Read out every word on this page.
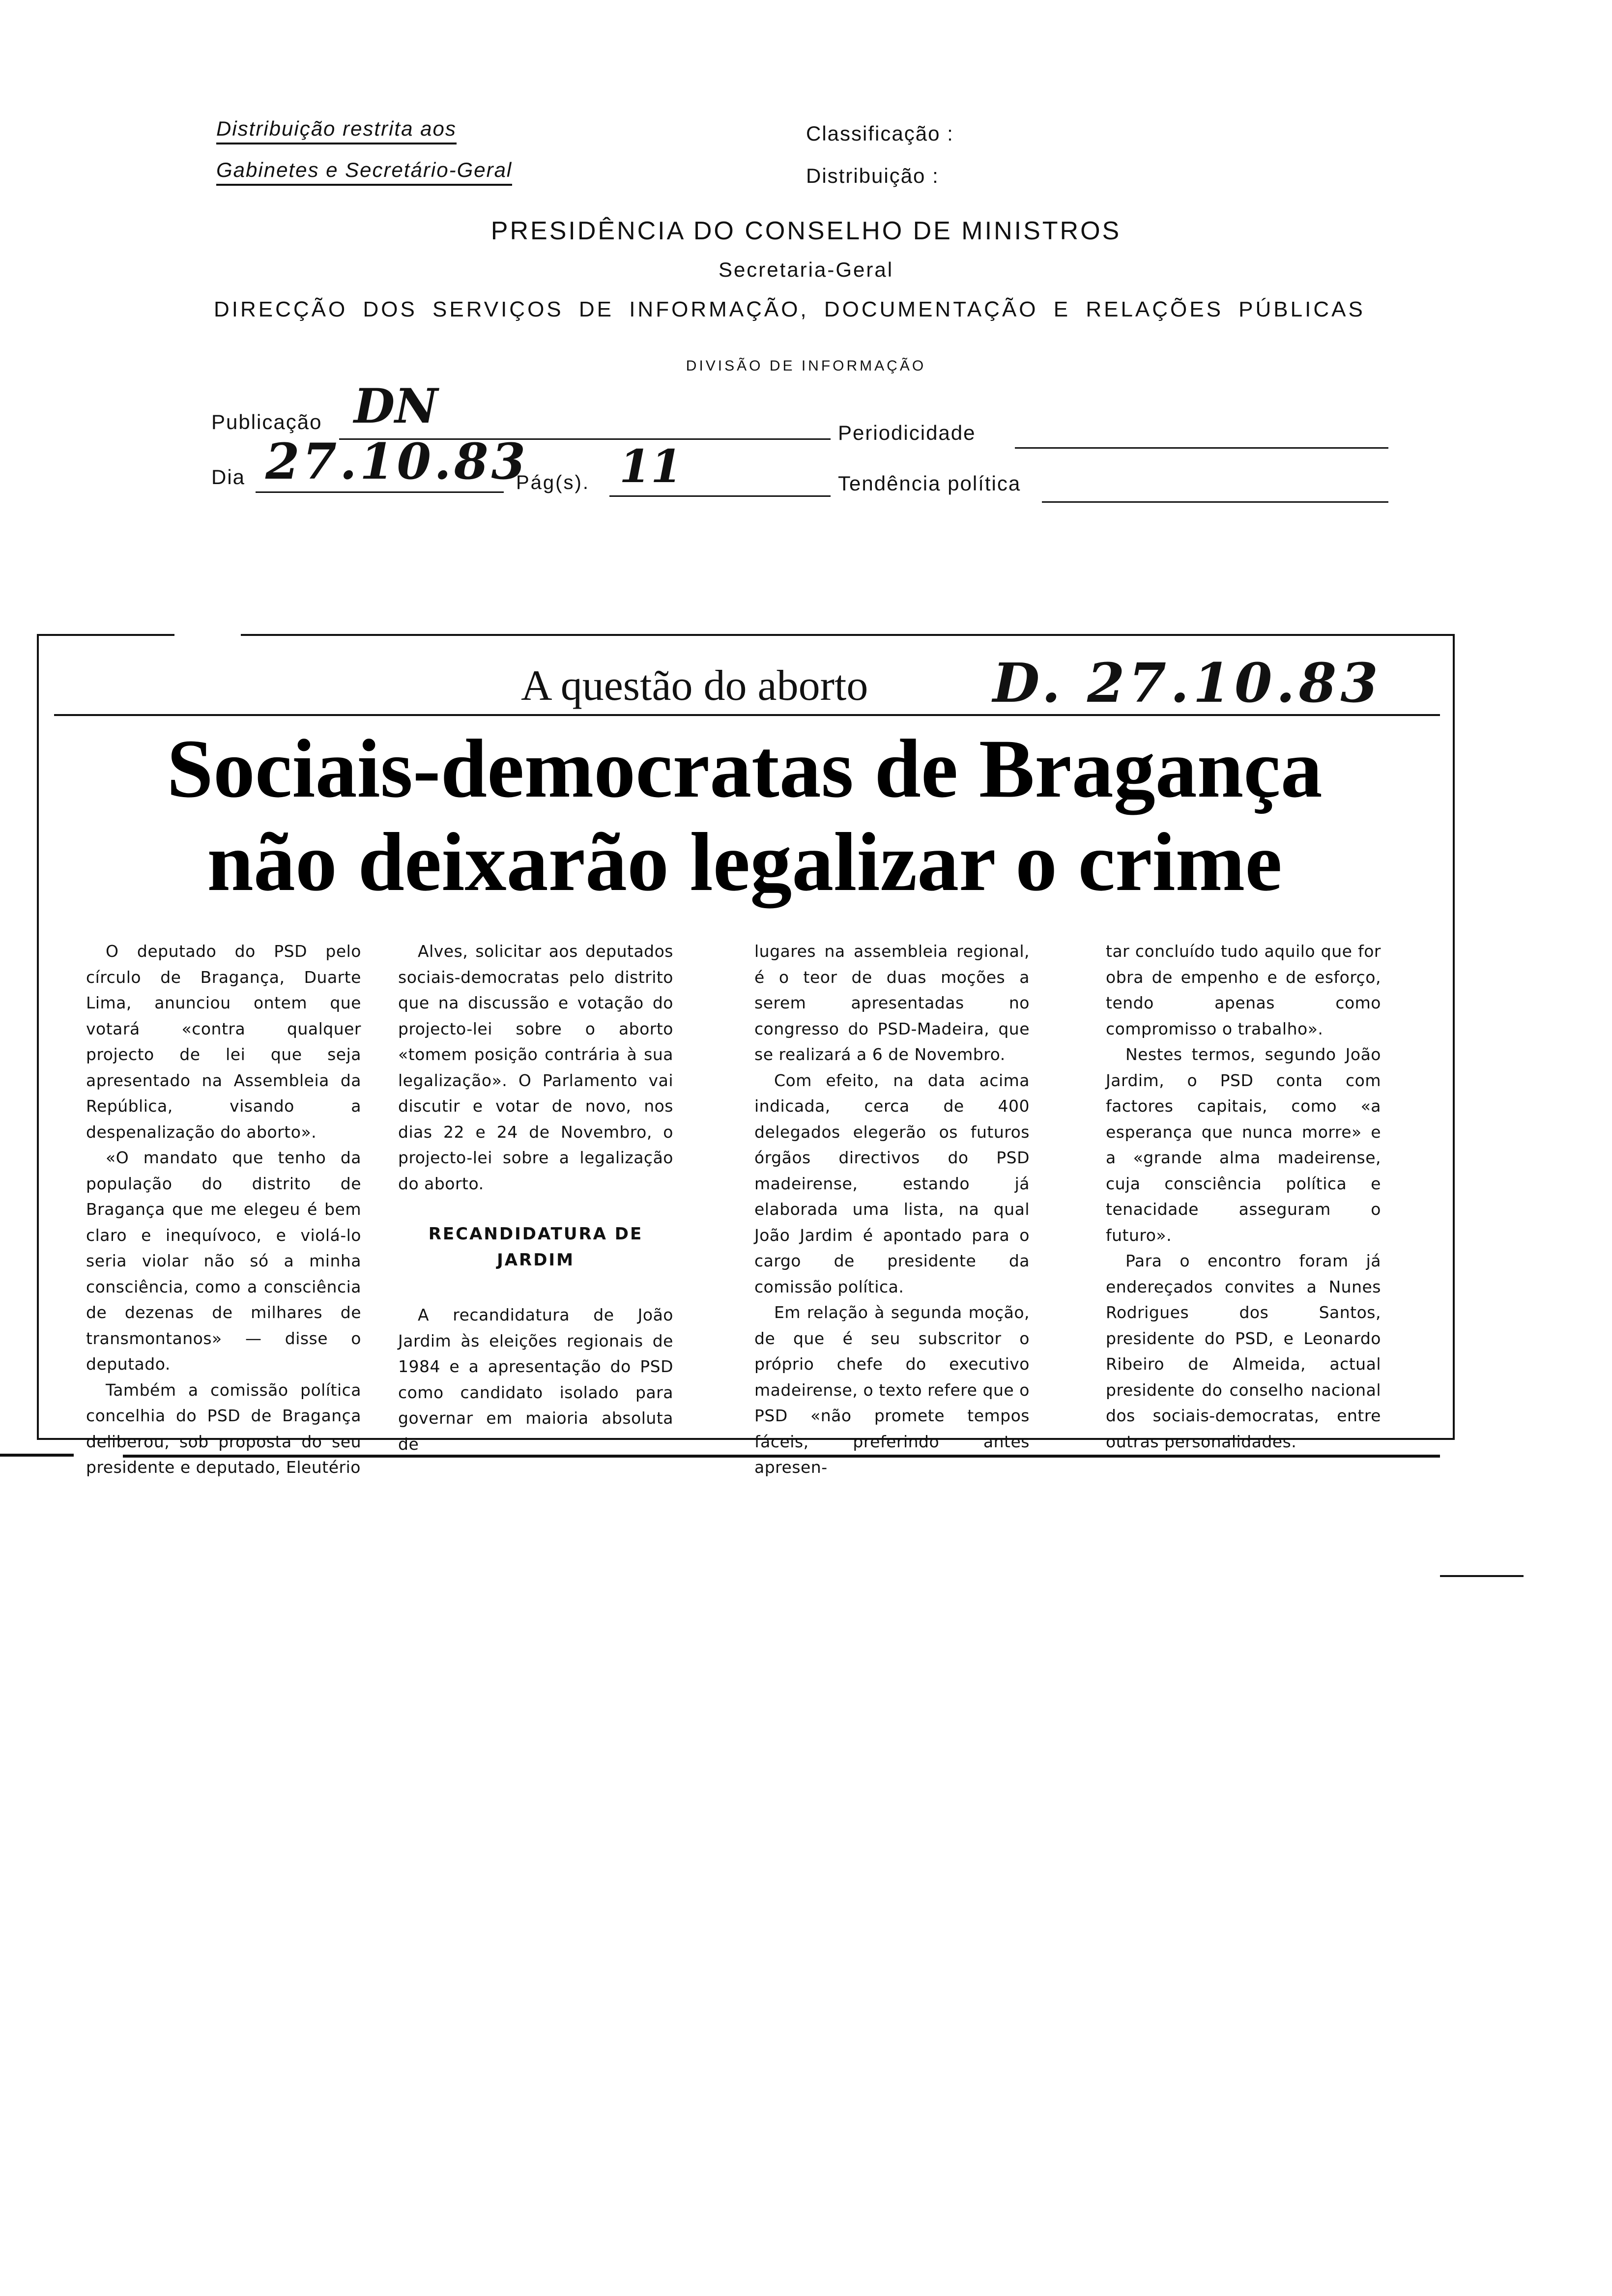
Distribuição restrita aos
Gabinetes e Secretário-Geral
Classificação :
Distribuição :
PRESIDÊNCIA DO CONSELHO DE MINISTROS
Secretaria-Geral
DIRECÇÃO DOS SERVIÇOS DE INFORMAÇÃO, DOCUMENTAÇÃO E RELAÇÕES PÚBLICAS
DIVISÃO DE INFORMAÇÃO
Publicação DN	Periodicidade
Dia 27.10.83
Pág(s). 11	Tendência política
A questão do aborto D. 27.10.83
Sociais-democratas de Bragança
não deixarão legalizar o crime

O deputado do PSD pelo círculo de Bragança, Duarte Lima, anunciou ontem que votará «contra qualquer projecto de lei que seja apresentado na Assembleia da República, visando a despenalização do aborto».

«O mandato que tenho da população do distrito de Bragança que me elegeu é bem claro e inequívoco, e violá-lo seria violar não só a minha consciência, como a consciência de dezenas de milhares de transmontanos» — disse o deputado.

Também a comissão política concelhia do PSD de Bragança deliberou, sob proposta do seu presidente e deputado, Eleutério

Alves, solicitar aos deputados sociais-democratas pelo distrito que na discussão e votação do projecto-lei sobre o aborto «tomem posição contrária à sua legalização». O Parlamento vai discutir e votar de novo, nos dias 22 e 24 de Novembro, o projecto-lei sobre a legalização do aborto.

RECANDIDATURA DE JARDIM

A recandidatura de João Jardim às eleições regionais de 1984 e a apresentação do PSD como candidato isolado para governar em maioria absoluta de

lugares na assembleia regional, é o teor de duas moções a serem apresentadas no congresso do PSD-Madeira, que se realizará a 6 de Novembro.

Com efeito, na data acima indicada, cerca de 400 delegados elegerão os futuros órgãos directivos do PSD madeirense, estando já elaborada uma lista, na qual João Jardim é apontado para o cargo de presidente da comissão política.

Em relação à segunda moção, de que é seu subscritor o próprio chefe do executivo madeirense, o texto refere que o PSD «não promete tempos fáceis, preferindo antes apresen-

tar concluído tudo aquilo que for obra de empenho e de esforço, tendo apenas como compromisso o trabalho».

Nestes termos, segundo João Jardim, o PSD conta com factores capitais, como «a esperança que nunca morre» e a «grande alma madeirense, cuja consciência política e tenacidade asseguram o futuro».

Para o encontro foram já endereçados convites a Nunes Rodrigues dos Santos, presidente do PSD, e Leonardo Ribeiro de Almeida, actual presidente do conselho nacional dos sociais-democratas, entre outras personalidades.
